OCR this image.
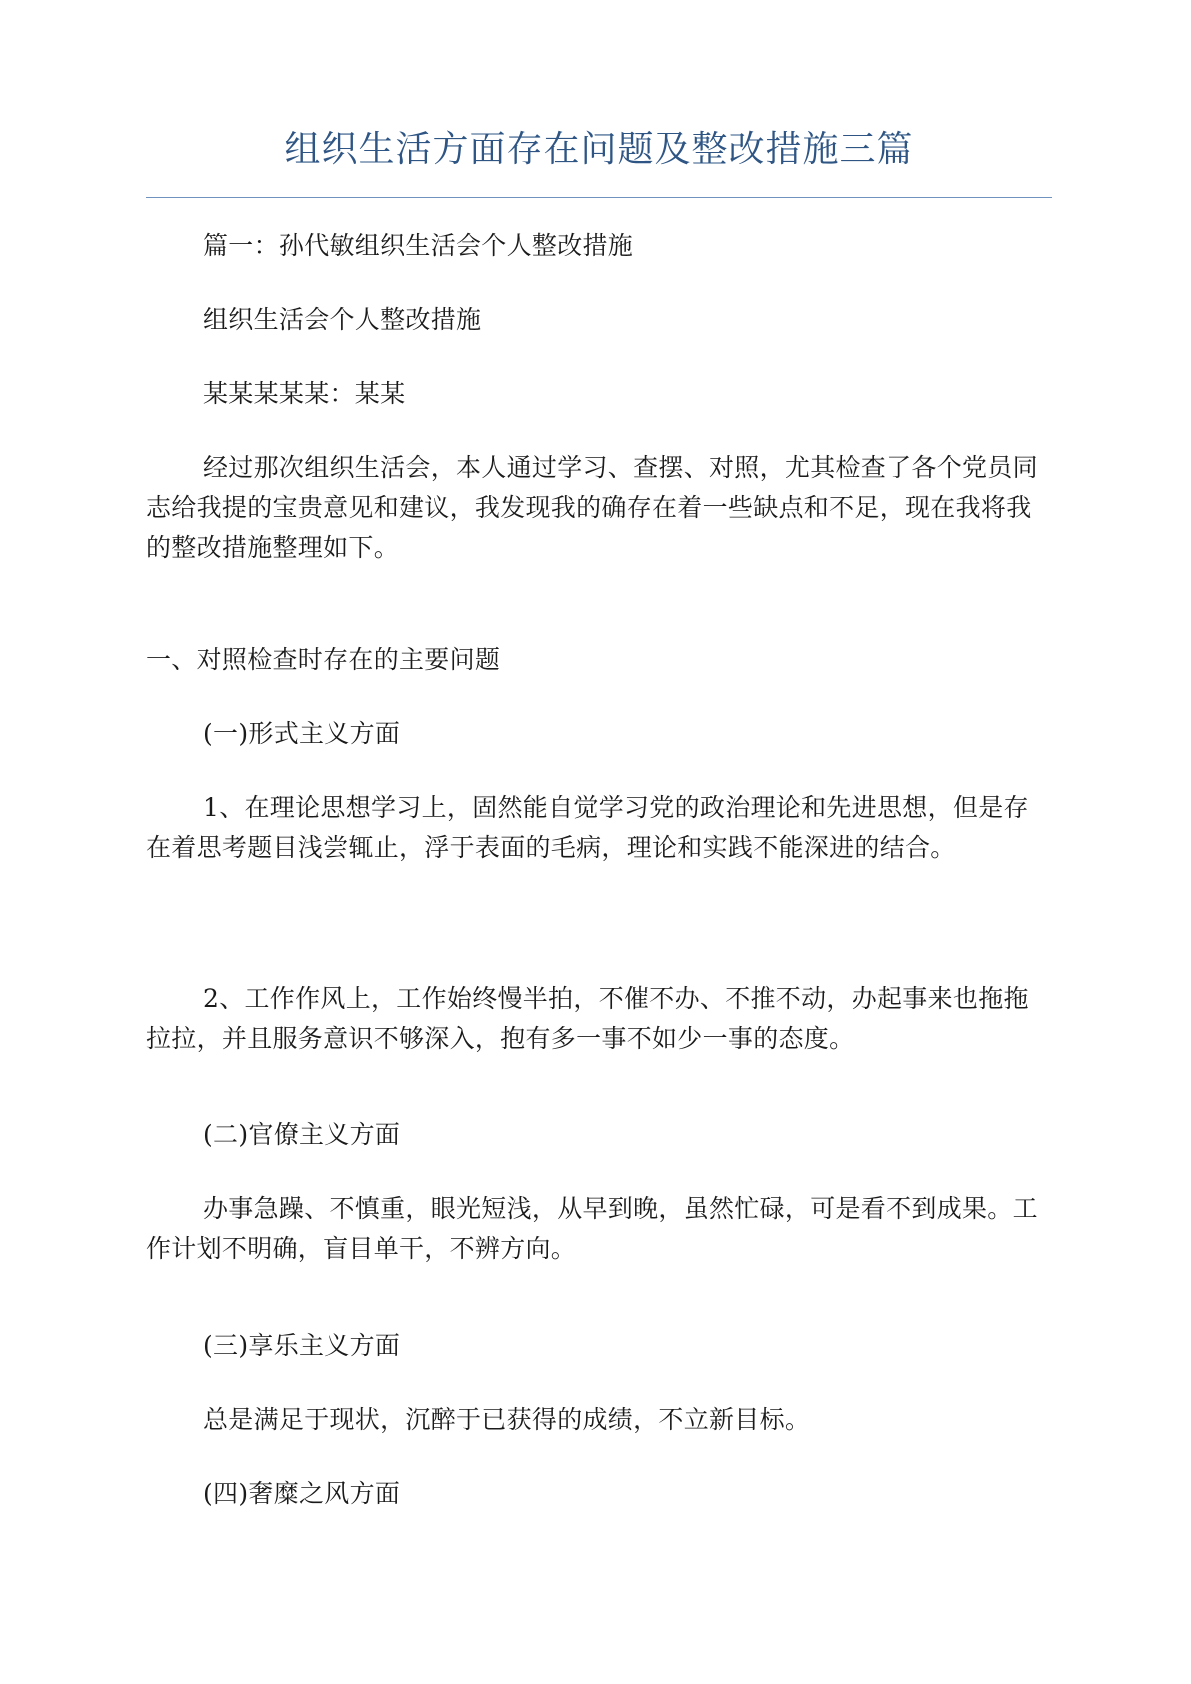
组织生活方面存在问题及整改措施三篇
篇一：孙代敏组织生活会个人整改措施
组织生活会个人整改措施
某某某某某：某某
经过那次组织生活会，本人通过学习、查摆、对照，尤其检查了各个党员同志给我提的宝贵意见和建议，我发现我的确存在着一些缺点和不足，现在我将我的整改措施整理如下。
一、对照检查时存在的主要问题
(一)形式主义方面
1、在理论思想学习上，固然能自觉学习党的政治理论和先进思想，但是存在着思考题目浅尝辄止，浮于表面的毛病，理论和实践不能深进的结合。
2、工作作风上，工作始终慢半拍，不催不办、不推不动，办起事来也拖拖拉拉，并且服务意识不够深入，抱有多一事不如少一事的态度。
(二)官僚主义方面
办事急躁、不慎重，眼光短浅，从早到晚，虽然忙碌，可是看不到成果。工作计划不明确，盲目单干，不辨方向。
(三)享乐主义方面
总是满足于现状，沉醉于已获得的成绩，不立新目标。
(四)奢糜之风方面
